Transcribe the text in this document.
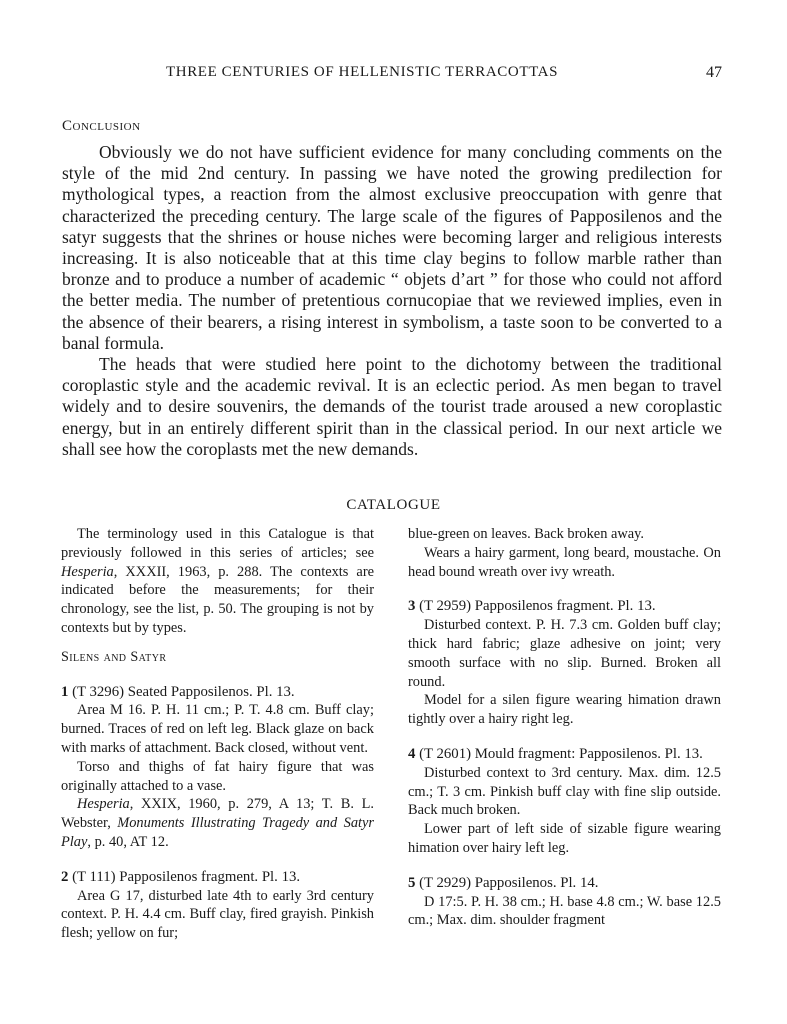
THREE CENTURIES OF HELLENISTIC TERRACOTTAS	47
Conclusion

Obviously we do not have sufficient evidence for many concluding comments on the style of the mid 2nd century. In passing we have noted the growing predilection for mythological types, a reaction from the almost exclusive preoccupation with genre that characterized the preceding century. The large scale of the figures of Papposilenos and the satyr suggests that the shrines or house niches were becoming larger and religious interests increasing. It is also noticeable that at this time clay begins to follow marble rather than bronze and to produce a number of academic “ objets d’art ” for those who could not afford the better media. The number of pretentious cornucopiae that we reviewed implies, even in the absence of their bearers, a rising interest in symbolism, a taste soon to be converted to a banal formula.

The heads that were studied here point to the dichotomy between the traditional coroplastic style and the academic revival. It is an eclectic period. As men began to travel widely and to desire souvenirs, the demands of the tourist trade aroused a new coroplastic energy, but in an entirely different spirit than in the classical period. In our next article we shall see how the coroplasts met the new demands.

CATALOGUE

The terminology used in this Catalogue is that previously followed in this series of articles; see Hesperia, XXXII, 1963, p. 288. The contexts are indicated before the measurements; for their chronology, see the list, p. 50. The grouping is not by contexts but by types.

Silens and Satyr

1 (T 3296) Seated Papposilenos. Pl. 13.

Area M 16. P. H. 11 cm.; P. T. 4.8 cm. Buff clay; burned. Traces of red on left leg. Black glaze on back with marks of attachment. Back closed, without vent.

Torso and thighs of fat hairy figure that was originally attached to a vase.

Hesperia, XXIX, 1960, p. 279, A 13; T. B. L. Webster, Monuments Illustrating Tragedy and Satyr Play, p. 40, AT 12.

2 (T 111) Papposilenos fragment. Pl. 13.

Area G 17, disturbed late 4th to early 3rd century context. P. H. 4.4 cm. Buff clay, fired grayish. Pinkish flesh; yellow on fur;

blue-green on leaves. Back broken away.

Wears a hairy garment, long beard, moustache. On head bound wreath over ivy wreath.

3 (T 2959) Papposilenos fragment. Pl. 13.

Disturbed context. P. H. 7.3 cm. Golden buff clay; thick hard fabric; glaze adhesive on joint; very smooth surface with no slip. Burned. Broken all round.

Model for a silen figure wearing himation drawn tightly over a hairy right leg.

4 (T 2601) Mould fragment: Papposilenos. Pl. 13.

Disturbed context to 3rd century. Max. dim. 12.5 cm.; T. 3 cm. Pinkish buff clay with fine slip outside. Back much broken.

Lower part of left side of sizable figure wearing himation over hairy left leg.

5 (T 2929) Papposilenos. Pl. 14.

D 17:5. P. H. 38 cm.; H. base 4.8 cm.; W. base 12.5 cm.; Max. dim. shoulder fragment
